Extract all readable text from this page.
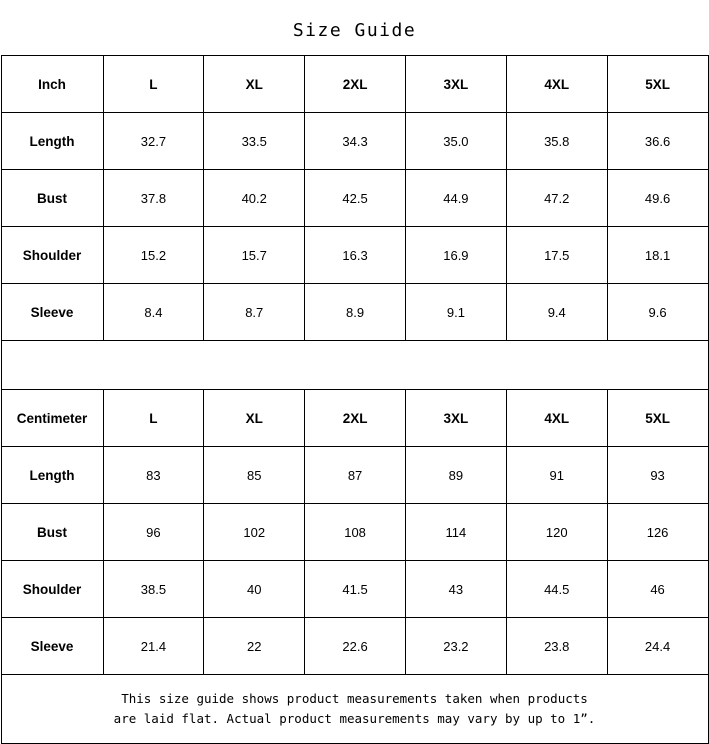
Size Guide
Inch	L	XL	2XL	3XL	4XL	5XL
Length	32.7	33.5	34.3	35.0	35.8	36.6
Bust	37.8	40.2	42.5	44.9	47.2	49.6
Shoulder	15.2	15.7	16.3	16.9	17.5	18.1
Sleeve	8.4	8.7	8.9	9.1	9.4	9.6
Centimeter	L	XL	2XL	3XL	4XL	5XL
Length	83	85	87	89	91	93
Bust	96	102	108	114	120	126
Shoulder	38.5	40	41.5	43	44.5	46
Sleeve	21.4	22	22.6	23.2	23.8	24.4
This size guide shows product measurements taken when products
are laid flat. Actual product measurements may vary by up to 1”.
